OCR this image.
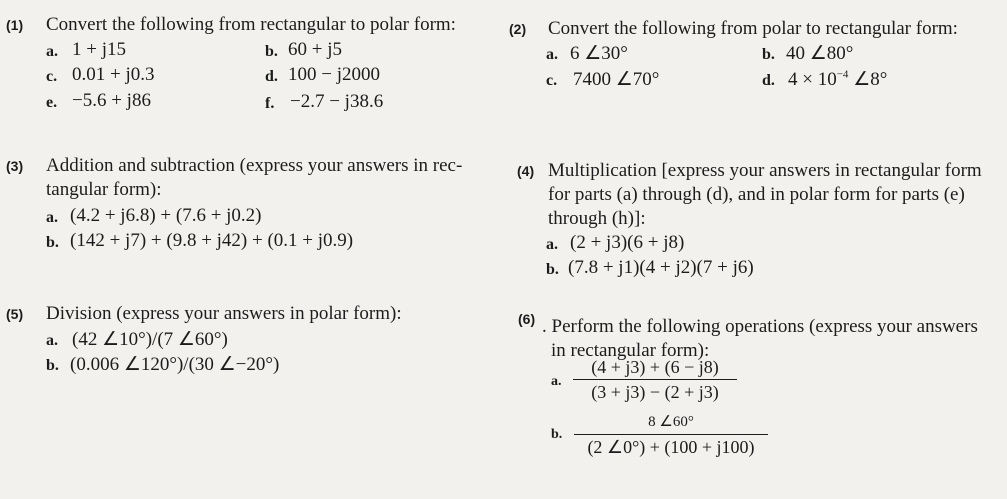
(1) Convert the following from rectangular to polar form:
a. 1 + j15	b. 60 + j5
c. 0.01 + j0.3	d. 100 − j2000
e. −5.6 + j86	f. −2.7 − j38.6
(2) Convert the following from polar to rectangular form:
a. 6 ∠30°	b. 40 ∠80°
c. 7400 ∠70°	d. $4 \times 10^{-4}$ ∠8°
(3) Addition and subtraction (express your answers in rec-
tangular form):
a. (4.2 + j6.8) + (7.6 + j0.2)
b. (142 + j7) + (9.8 + j42) + (0.1 + j0.9)
(4) Multiplication [express your answers in rectangular form
for parts (a) through (d), and in polar form for parts (e)
through (h)]:
a. (2 + j3)(6 + j8)
b. (7.8 + j1)(4 + j2)(7 + j6)
(5) Division (express your answers in polar form):
a. (42 ∠10°)/(7 ∠60°)
b. (0.006 ∠120°)/(30 ∠−20°)
(6) . Perform the following operations (express your answers
in rectangular form):
a.
(4 + j3) + (6 − j8)
(3 + j3) − (2 + j3)
b.
8 ∠60°
(2 ∠0°) + (100 + j100)
